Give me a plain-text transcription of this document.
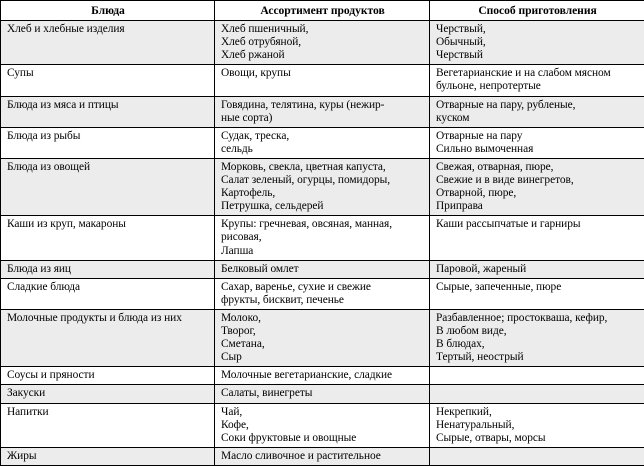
Блюда	Ассортимент продуктов	Способ приготовления

Хлеб и хлебные изделия	Хлеб пшеничный,
Хлеб отрубяной,
Хлеб ржаной	Черствый,
Обычный,
Черствый

Супы	Овощи, крупы	Вегетарианские и на слабом мясном
бульоне, непротертые

Блюда из мяса и птицы	Говядина, телятина, куры (нежир-
ные сорта)	Отварные на пару, рубленые,
куском

Блюда из рыбы	Судак, треска,
сельдь	Отварные на пару
Сильно вымоченная

Блюда из овощей	Морковь, свекла, цветная капуста,
Салат зеленый, огурцы, помидоры,
Картофель,
Петрушка, сельдерей	Свежая, отварная, пюре,
Свежие и в виде винегретов,
Отварной, пюре,
Приправа

Каши из круп, макароны	Крупы: гречневая, овсяная, манная,
рисовая,
Лапша	Каши рассыпчатые и гарниры

Блюда из яиц	Белковый омлет	Паровой, жареный

Сладкие блюда	Сахар, варенье, сухие и свежие
фрукты, бисквит, печенье	Сырые, запеченные, пюре

Молочные продукты и блюда из них	Молоко,
Творог,
Сметана,
Сыр	Разбавленное; простокваша, кефир,
В любом виде,
В блюдах,
Тертый, неострый

Соусы и пряности	Молочные вегетарианские, сладкие	

Закуски	Салаты, винегреты	

Напитки	Чай,
Кофе,
Соки фруктовые и овощные	Некрепкий,
Ненатуральный,
Сырые, отвары, морсы

Жиры	Масло сливочное и растительное	
